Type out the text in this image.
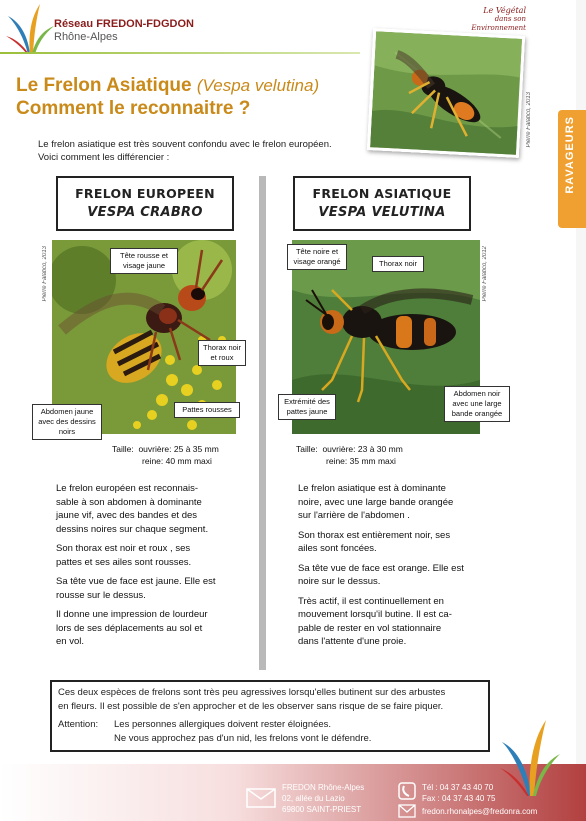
Réseau FREDON-FDGDON
Rhône-Alpes
Le Végétal
dans son Environnement
Le Frelon Asiatique (Vespa velutina)
Comment le reconnaitre ?	Pierre Falatico, 2013	RAVAGEURS
Le frelon asiatique est très souvent confondu avec le frelon européen.
Voici comment les différencier :
FRELON EUROPEEN
VESPA CRABRO
FRELON ASIATIQUE
VESPA VELUTINA
Pierre Falatico, 2013	Tête rousse et
visage jaune
Thorax noir
et roux
Abdomen jaune
avec des dessins
noirs
Pattes rousses
Taille:  ouvrière: 25 à 35 mm
reine: 40 mm maxi
Pierre Falatico, 2012
Tête noire et
visage orangé	Thorax noir
Extrémité des
pattes jaune
Abdomen noir
avec une large
bande orangée
Taille:  ouvrière: 23 à 30 mm
reine: 35 mm maxi

Le frelon européen est reconnais-
sable à son abdomen à dominante
jaune vif, avec des bandes et des
dessins noires sur chaque segment.

Son thorax est noir et roux , ses
pattes et ses ailes sont rousses.

Sa tête vue de face est jaune. Elle est
rousse sur le dessus.

Il donne une impression de lourdeur
lors de ses déplacements au sol et
en vol.

Le frelon asiatique est à dominante
noire, avec une large bande orangée
sur l'arrière de l'abdomen .

Son thorax est entièrement noir, ses
ailes sont foncées.

Sa tête vue de face est orange. Elle est
noire sur le dessus.

Très actif, il est continuellement en
mouvement lorsqu'il butine. Il est ca-
pable de rester en vol stationnaire
dans l'attente d'une proie.

Ces deux espèces de frelons sont très peu agressives lorsqu'elles butinent sur des arbustes
en fleurs. Il est possible de s'en approcher et de les observer sans risque de se faire piquer.
Attention:	Les personnes allergiques doivent rester éloignées.
Ne vous approchez pas d'un nid, les frelons vont le défendre.
FREDON Rhône-Alpes
02, allée du Lazio
69800 SAINT-PRIEST
Tél : 04 37 43 40 70
Fax : 04 37 43 40 75
fredon.rhonalpes@fredonra.com
